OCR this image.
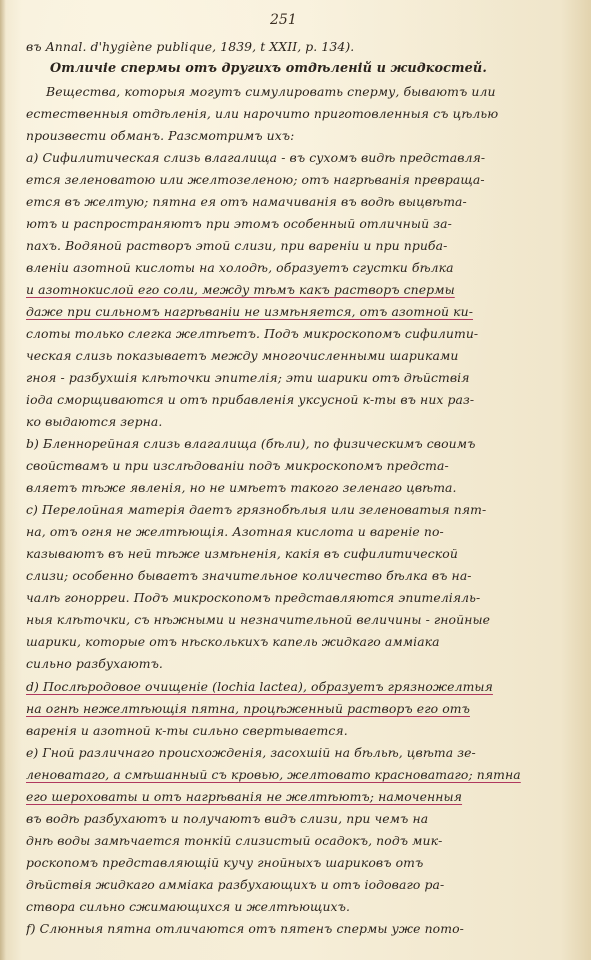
251

въ Annal. d'hygiène publique, 1839, t XXII, p. 134).

Отличіе спермы отъ другихъ отдѣленій и жидкостей.

Вещества, которыя могутъ симулировать сперму, бываютъ или

естественныя отдѣленія, или нарочито приготовленныя съ цѣлью

произвести обманъ. Разсмотримъ ихъ:

а) Сифилитическая слизь влагалища - въ сухомъ видѣ представля-

ется зеленоватою или желтозеленою; отъ нагрѣванія превраща-

ется въ желтую; пятна ея отъ намачиванія въ водѣ выцвѣта-

ютъ и распространяютъ при этомъ особенный отличный за-

пахъ. Водяной растворъ этой слизи, при вареніи и при приба-

вленіи азотной кислоты на холодѣ, образуетъ сгустки бѣлка

и азотнокислой его соли, между тѣмъ какъ растворъ спермы

даже при сильномъ нагрѣваніи не измѣняется, отъ азотной ки-

слоты только слегка желтѣетъ. Подъ микроскопомъ сифилити-

ческая слизь показываетъ между многочисленными шариками

гноя - разбухшія клѣточки эпителія; эти шарики отъ дѣйствія

іода сморщиваются и отъ прибавленія уксусной к-ты въ них раз-

ко выдаются зерна.

b) Бленнорейная слизь влагалища (бѣли), по физическимъ своимъ

свойствамъ и при изслѣдованіи подъ микроскопомъ предста-

вляетъ тѣже явленія, но не имѣетъ такого зеленаго цвѣта.

c) Перелойная матерія даетъ грязнобѣлыя или зеленоватыя пят-

на, отъ огня не желтѣющія. Азотная кислота и вареніе по-

казываютъ въ ней тѣже измѣненія, какія въ сифилитической

слизи; особенно бываетъ значительное количество бѣлка въ на-

чалѣ гонорреи. Подъ микроскопомъ представляются эпителіяль-

ныя клѣточки, съ нѣжными и незначительной величины - гнойные

шарики, которые отъ нѣсколькихъ капель жидкаго аммiака

сильно разбухаютъ.

d) Послѣродовое очищеніе (lochia lactea), образуетъ грязножелтыя

на огнѣ нежелтѣющія пятна, процѣженный растворъ его отъ

варенія и азотной к-ты сильно свертывается.

e) Гной различнаго происхожденія, засохшій на бѣльѣ, цвѣта зе-

леноватаго, а смѣшанный съ кровью, желтовато красноватаго; пятна

его шероховаты и отъ нагрѣванія не желтѣютъ; намоченныя

въ водѣ разбухаютъ и получаютъ видъ слизи, при чемъ на

днѣ воды замѣчается тонкій слизистый осадокъ, подъ мик-

роскопомъ представляющій кучу гнойныхъ шариковъ отъ

дѣйствія жидкаго аммiака разбухающихъ и отъ іодоваго ра-

створа сильно сжимающихся и желтѣющихъ.

f) Слюнныя пятна отличаются отъ пятенъ спермы уже пото-
